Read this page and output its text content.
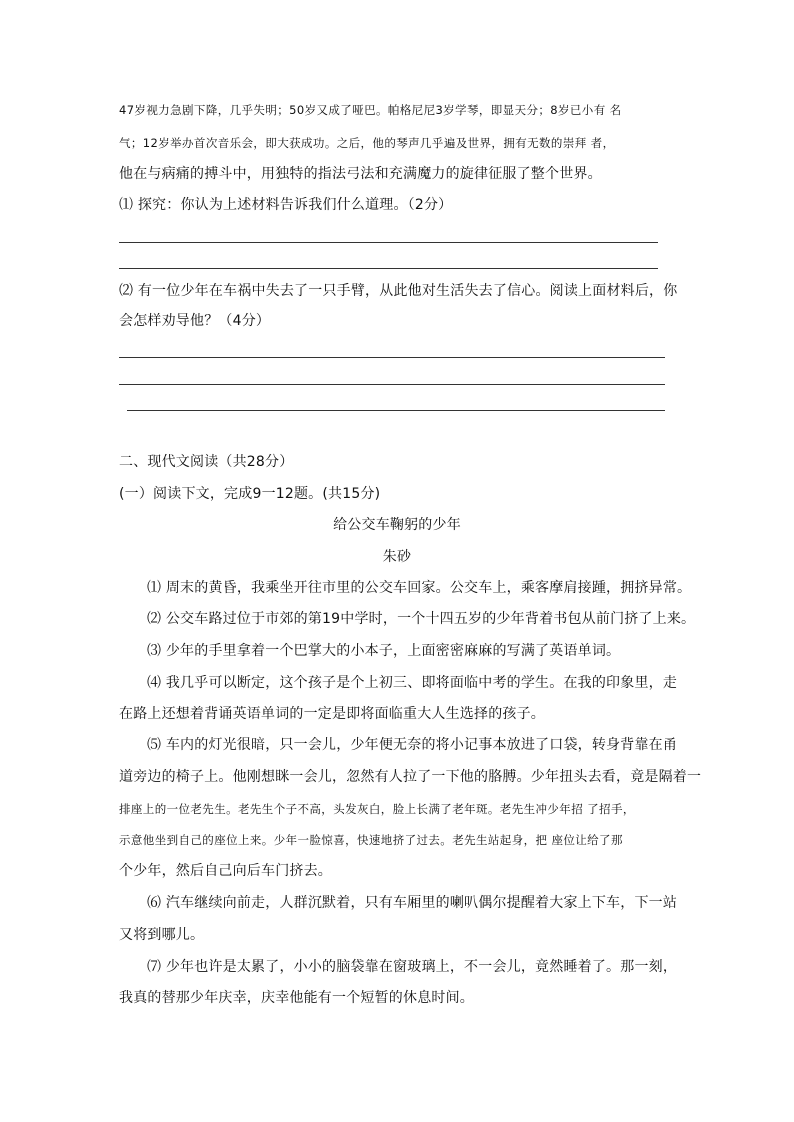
47岁视力急剧下降，几乎失明；50岁又成了哑巴。帕格尼尼3岁学琴，即显天分；8岁已小有 名
气；12岁举办首次音乐会，即大获成功。之后，他的琴声几乎遍及世界，拥有无数的崇拜 者，
他在与病痛的搏斗中，用独特的指法弓法和充满魔力的旋律征服了整个世界。
⑴ 探究：你认为上述材料告诉我们什么道理。（2分）
⑵ 有一位少年在车祸中失去了一只手臂，从此他对生活失去了信心。阅读上面材料后，你
会怎样劝导他？（4分）
二、现代文阅读（共28分）
(一）阅读下文，完成9一12题。(共15分)
给公交车鞠躬的少年
朱砂
⑴ 周末的黄昏，我乘坐开往市里的公交车回家。公交车上，乘客摩肩接踵，拥挤异常。
⑵ 公交车路过位于市郊的第19中学时，一个十四五岁的少年背着书包从前门挤了上来。
⑶ 少年的手里拿着一个巴掌大的小本子，上面密密麻麻的写满了英语单词。
⑷ 我几乎可以断定，这个孩子是个上初三、即将面临中考的学生。在我的印象里，走
在路上还想着背诵英语单词的一定是即将面临重大人生选择的孩子。
⑸ 车内的灯光很暗，只一会儿，少年便无奈的将小记事本放进了口袋，转身背靠在甬
道旁边的椅子上。他刚想眯一会儿，忽然有人拉了一下他的胳膊。少年扭头去看，竟是隔着一
排座上的一位老先生。老先生个子不高，头发灰白，脸上长满了老年斑。老先生冲少年招 了招手，
示意他坐到自己的座位上来。少年一脸惊喜，快速地挤了过去。老先生站起身，把 座位让给了那
个少年，然后自己向后车门挤去。
⑹ 汽车继续向前走，人群沉默着，只有车厢里的喇叭偶尔提醒着大家上下车，下一站
又将到哪儿。
⑺ 少年也许是太累了，小小的脑袋靠在窗玻璃上，不一会儿，竟然睡着了。那一刻，
我真的替那少年庆幸，庆幸他能有一个短暂的休息时间。
